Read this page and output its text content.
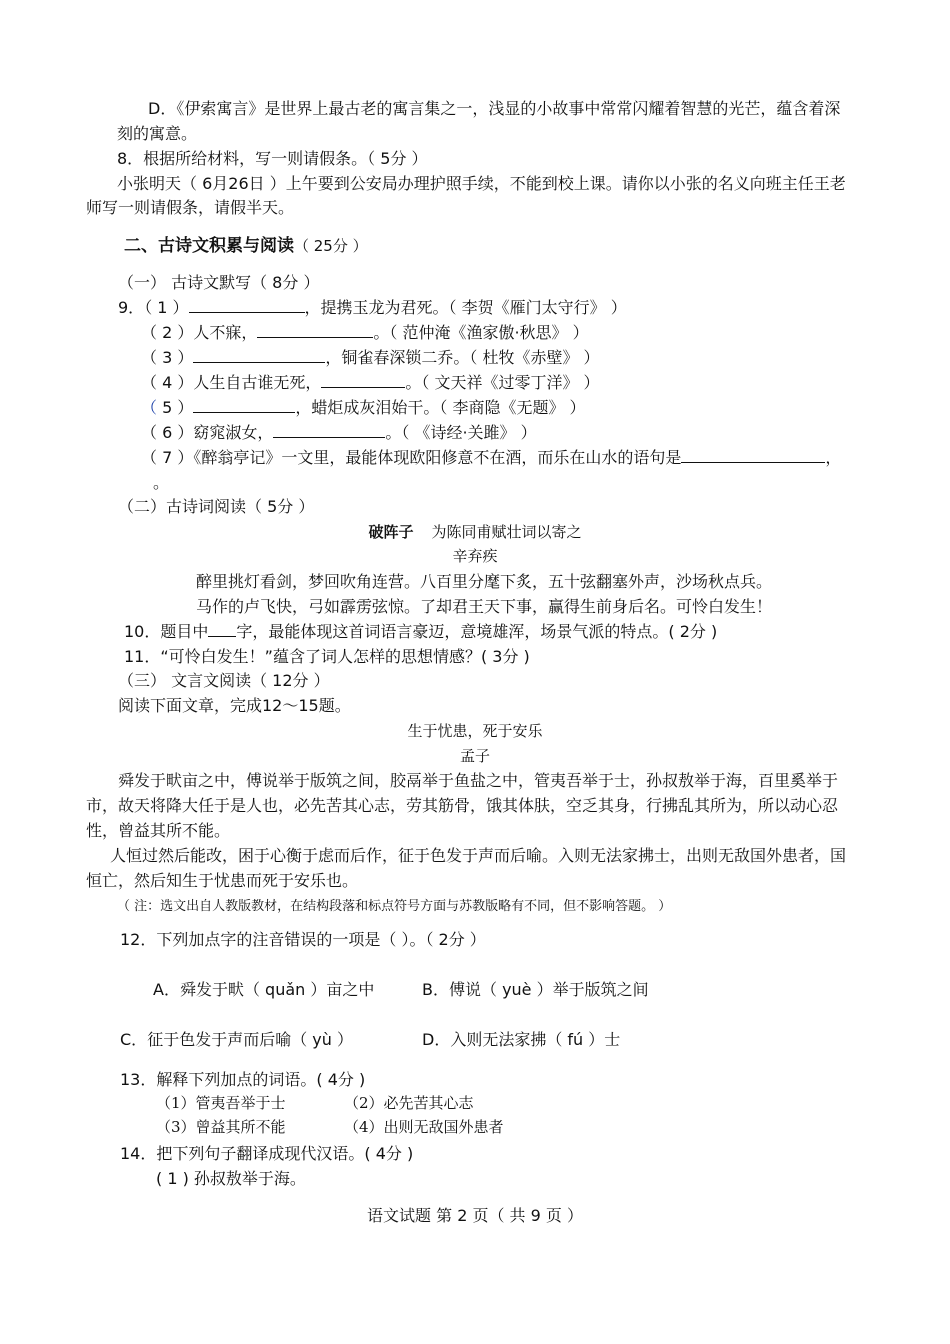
D．《伊索寓言》是世界上最古老的寓言集之一，浅显的小故事中常常闪耀着智慧的光芒，蕴含着深
刻的寓意。
8．根据所给材料，写一则请假条。（ 5分 ）
小张明天（ 6月26日 ）上午要到公安局办理护照手续，不能到校上课。请你以小张的名义向班主任王老
师写一则请假条，请假半天。
二、古诗文积累与阅读（ 25分 ）
（一） 古诗文默写（ 8分 ）
9．（ 1 ）	，提携玉龙为君死。（ 李贺《雁门太守行》 ）
（ 2 ）人不寐，	。（ 范仲淹《渔家傲·秋思》 ）
（ 3 ）	，铜雀春深锁二乔。（ 杜牧《赤壁》 ）
（ 4 ）人生自古谁无死，	。（ 文天祥《过零丁洋》 ）
（ 5 ）	，蜡炬成灰泪始干。（ 李商隐《无题》 ）
（ 6 ）窈窕淑女，	。（ 《诗经·关雎》 ）
（ 7 ）《醉翁亭记》一文里，最能体现欧阳修意不在酒，而乐在山水的语句是	，
。
（二）古诗词阅读（ 5分 ）
破阵子 为陈同甫赋壮词以寄之
辛弃疾
醉里挑灯看剑，梦回吹角连营。八百里分麾下炙，五十弦翻塞外声，沙场秋点兵。
马作的卢飞快，弓如霹雳弦惊。了却君王天下事，赢得生前身后名。可怜白发生！
10．题目中 字，最能体现这首词语言豪迈，意境雄浑，场景气派的特点。( 2分 )
11．“可怜白发生！”蕴含了词人怎样的思想情感？( 3分 )
（三） 文言文阅读（ 12分 ）
阅读下面文章，完成12～15题。
生于忧患，死于安乐
孟子
舜发于畎亩之中，傅说举于版筑之间，胶鬲举于鱼盐之中，管夷吾举于士，孙叔敖举于海，百里奚举于
市，故天将降大任于是人也，必先苦其心志，劳其筋骨，饿其体肤，空乏其身，行拂乱其所为，所以动心忍
性，曾益其所不能。
人恒过然后能改，困于心衡于虑而后作，征于色发于声而后喻。入则无法家拂士，出则无敌国外患者，国
恒亡，然后知生于忧患而死于安乐也。
（ 注：选文出自人教版教材，在结构段落和标点符号方面与苏教版略有不同，但不影响答题。 ）
12．下列加点字的注音错误的一项是（ ）。（ 2分 ）
A．舜发于畎（ quǎn ）亩之中	B．傅说（ yuè ）举于版筑之间
C．征于色发于声而后喻（ yù ）	D．入则无法家拂（ fú ）士
13．解释下列加点的词语。( 4分 )
（1）管夷吾举于士	（2）必先苦其心志
（3）曾益其所不能	（4）出则无敌国外患者
14．把下列句子翻译成现代汉语。( 4分 )
( 1 ) 孙叔敖举于海。
语文试题 第 2 页（ 共 9 页 ）
